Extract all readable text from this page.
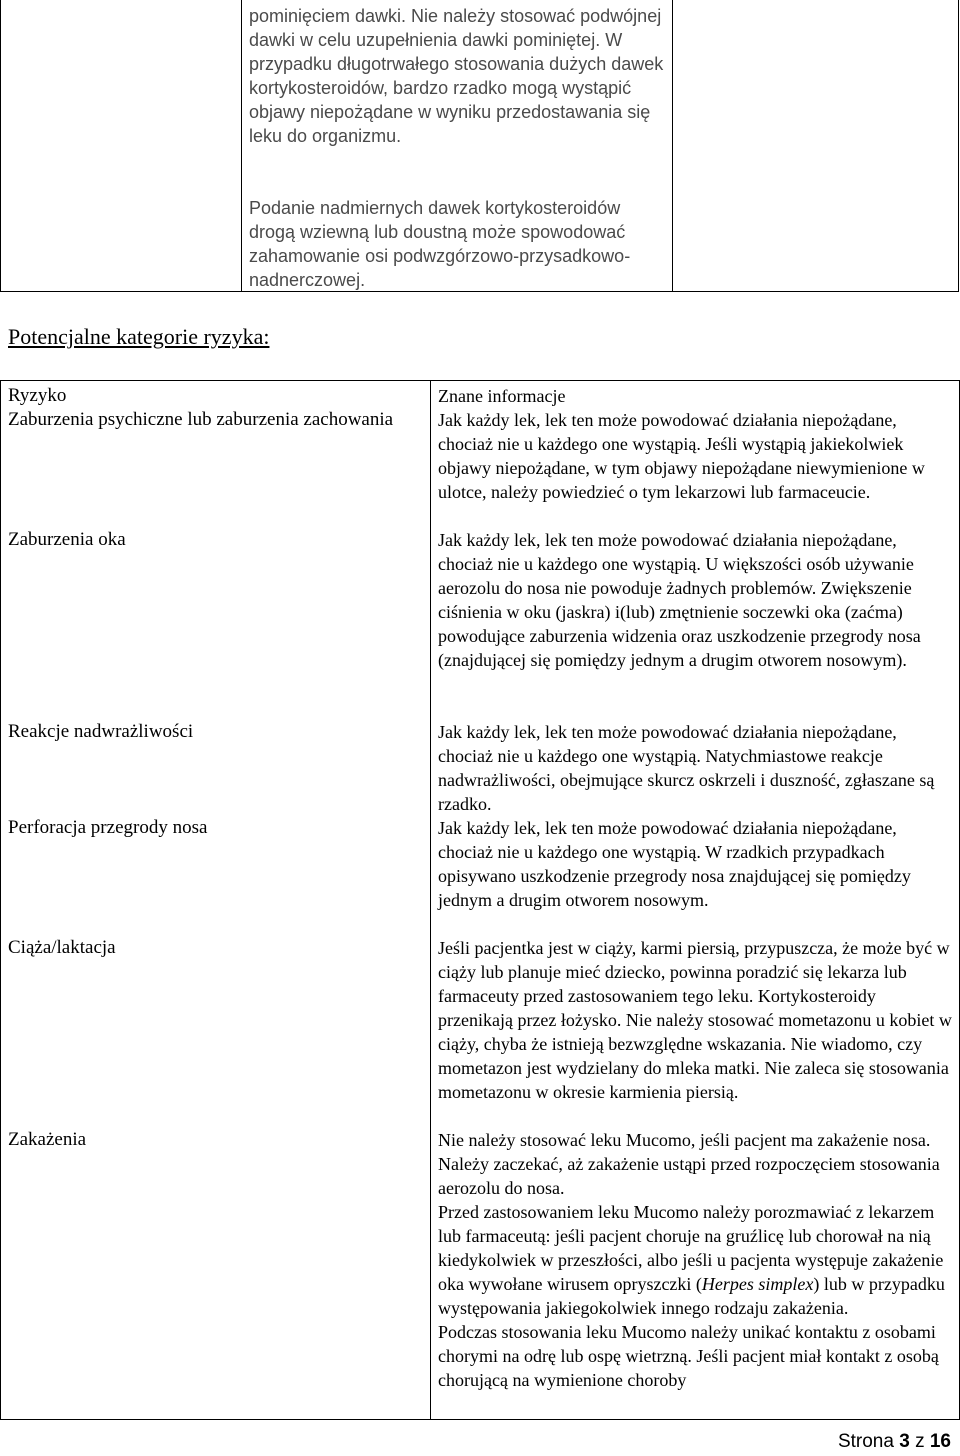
pominięciem dawki. Nie należy stosować podwójnej dawki w celu uzupełnienia dawki pominiętej. W przypadku długotrwałego stosowania dużych dawek kortykosteroidów, bardzo rzadko mogą wystąpić objawy niepożądane w wyniku przedostawania się leku do organizmu.
Podanie nadmiernych dawek kortykosteroidów drogą wziewną lub doustną może spowodować zahamowanie osi podwzgórzowo-przysadkowo-nadnerczowej.
Potencjalne kategorie ryzyka:
Ryzyko	Znane informacje
Zaburzenia psychiczne lub zaburzenia zachowania	Jak każdy lek, lek ten może powodować działania niepożądane, chociaż nie u każdego one wystąpią. Jeśli wystąpią jakiekolwiek objawy niepożądane, w tym objawy niepożądane niewymienione w ulotce, należy powiedzieć o tym lekarzowi lub farmaceucie.
Zaburzenia oka	Jak każdy lek, lek ten może powodować działania niepożądane, chociaż nie u każdego one wystąpią. U większości osób używanie aerozolu do nosa nie powoduje żadnych problemów. Zwiększenie ciśnienia w oku (jaskra) i(lub) zmętnienie soczewki oka (zaćma) powodujące zaburzenia widzenia oraz uszkodzenie przegrody nosa (znajdującej się pomiędzy jednym a drugim otworem nosowym).
Reakcje nadwrażliwości	Jak każdy lek, lek ten może powodować działania niepożądane, chociaż nie u każdego one wystąpią. Natychmiastowe reakcje nadwrażliwości, obejmujące skurcz oskrzeli i duszność, zgłaszane są rzadko.
Perforacja przegrody nosa	Jak każdy lek, lek ten może powodować działania niepożądane, chociaż nie u każdego one wystąpią. W rzadkich przypadkach opisywano uszkodzenie przegrody nosa znajdującej się pomiędzy jednym a drugim otworem nosowym.
Ciąża/laktacja	Jeśli pacjentka jest w ciąży, karmi piersią, przypuszcza, że może być w ciąży lub planuje mieć dziecko, powinna poradzić się lekarza lub farmaceuty przed zastosowaniem tego leku. Kortykosteroidy przenikają przez łożysko. Nie należy stosować mometazonu u kobiet w ciąży, chyba że istnieją bezwzględne wskazania. Nie wiadomo, czy mometazon jest wydzielany do mleka matki. Nie zaleca się stosowania mometazonu w okresie karmienia piersią.
Zakażenia	Nie należy stosować leku Mucomo, jeśli pacjent ma zakażenie nosa. Należy zaczekać, aż zakażenie ustąpi przed rozpoczęciem stosowania aerozolu do nosa.
Przed zastosowaniem leku Mucomo należy porozmawiać z lekarzem lub farmaceutą: jeśli pacjent choruje na gruźlicę lub chorował na nią kiedykolwiek w przeszłości, albo jeśli u pacjenta występuje zakażenie oka wywołane wirusem opryszczki (Herpes simplex) lub w przypadku występowania jakiegokolwiek innego rodzaju zakażenia.
Podczas stosowania leku Mucomo należy unikać kontaktu z osobami chorymi na odrę lub ospę wietrzną. Jeśli pacjent miał kontakt z osobą chorującą na wymienione choroby
Strona 3 z 16
